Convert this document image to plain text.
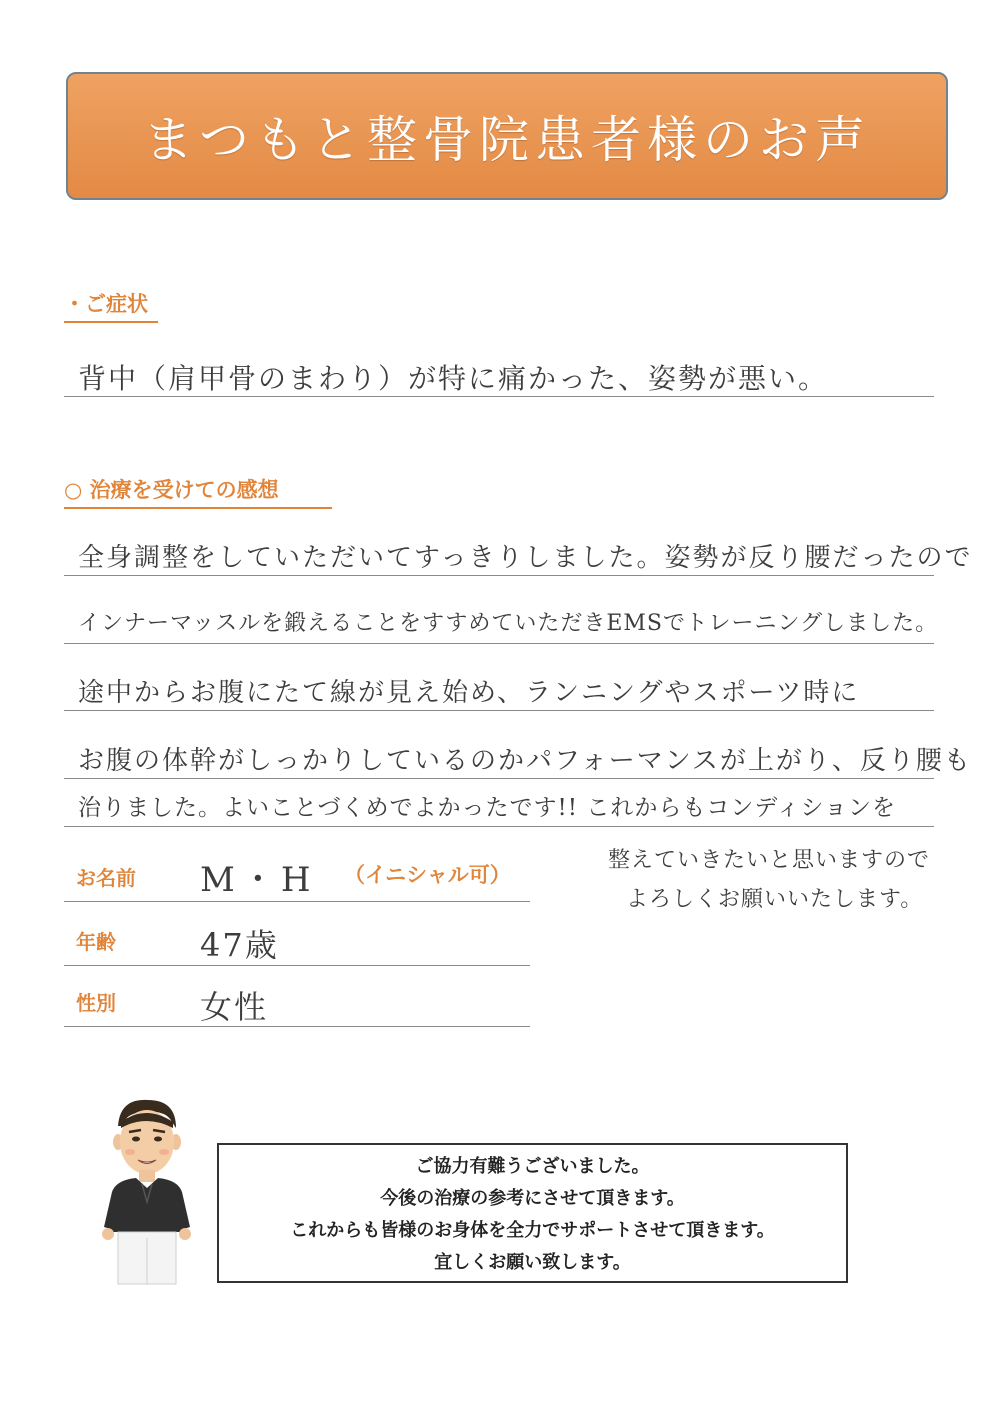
まつもと整骨院患者様のお声
・ご症状
背中（肩甲骨のまわり）が特に痛かった、姿勢が悪い。
○ 治療を受けての感想
全身調整をしていただいてすっきりしました。姿勢が反り腰だったので
インナーマッスルを鍛えることをすすめていただきEMSでトレーニングしました。
途中からお腹にたて線が見え始め、ランニングやスポーツ時に
お腹の体幹がしっかりしているのかパフォーマンスが上がり、反り腰も
治りました。よいことづくめでよかったです!! これからもコンディションを
整えていきたいと思いますので
よろしくお願いいたします。
お名前 M・H （イニシャル可）
年齢	47歳
性別	女性
ご協力有難うございました。
今後の治療の参考にさせて頂きます。
これからも皆様のお身体を全力でサポートさせて頂きます。
宜しくお願い致します。
